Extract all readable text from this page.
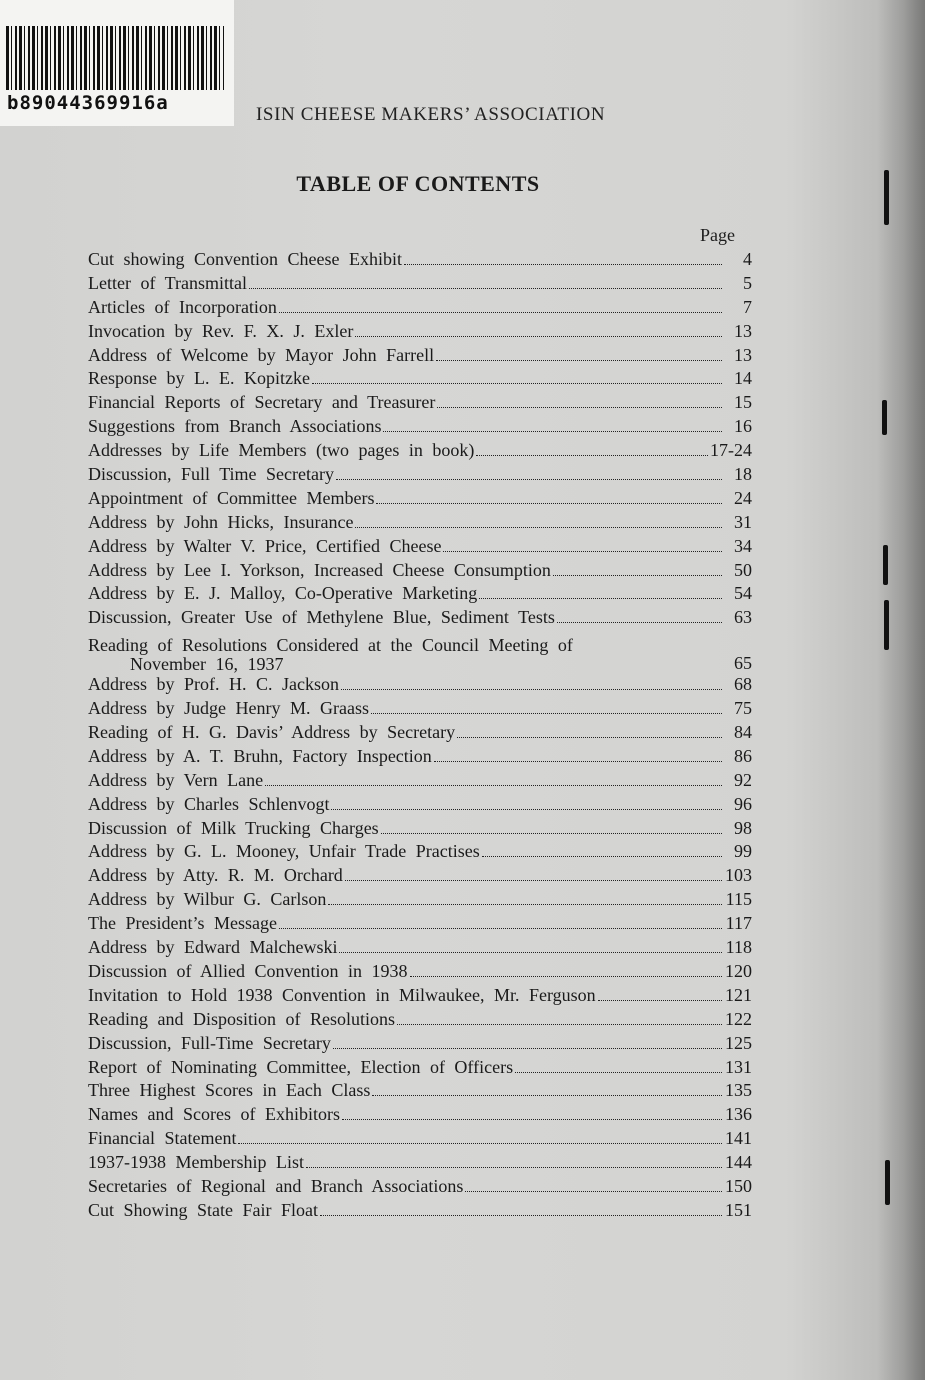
b89044369916a
ISIN CHEESE MAKERS’ ASSOCIATION
TABLE OF CONTENTS
Page
Cut showing Convention Cheese Exhibit	4
Letter of Transmittal	5
Articles of Incorporation	7
Invocation by Rev. F. X. J. Exler	13
Address of Welcome by Mayor John Farrell	13
Response by L. E. Kopitzke	14
Financial Reports of Secretary and Treasurer	15
Suggestions from Branch Associations	16
Addresses by Life Members (two pages in book)	17-24
Discussion, Full Time Secretary	18
Appointment of Committee Members	24
Address by John Hicks, Insurance	31
Address by Walter V. Price, Certified Cheese	34
Address by Lee I. Yorkson, Increased Cheese Consumption	50
Address by E. J. Malloy, Co-Operative Marketing	54
Discussion, Greater Use of Methylene Blue, Sediment Tests	63
Reading of Resolutions Considered at the Council Meeting of
November 16, 1937	65
Address by Prof. H. C. Jackson	68
Address by Judge Henry M. Graass	75
Reading of H. G. Davis’ Address by Secretary	84
Address by A. T. Bruhn, Factory Inspection	86
Address by Vern Lane	92
Address by Charles Schlenvogt	96
Discussion of Milk Trucking Charges	98
Address by G. L. Mooney, Unfair Trade Practises	99
Address by Atty. R. M. Orchard	103
Address by Wilbur G. Carlson	115
The President’s Message	117
Address by Edward Malchewski	118
Discussion of Allied Convention in 1938	120
Invitation to Hold 1938 Convention in Milwaukee, Mr. Ferguson	121
Reading and Disposition of Resolutions	122
Discussion, Full-Time Secretary	125
Report of Nominating Committee, Election of Officers	131
Three Highest Scores in Each Class	135
Names and Scores of Exhibitors	136
Financial Statement	141
1937-1938 Membership List	144
Secretaries of Regional and Branch Associations	150
Cut Showing State Fair Float	151
